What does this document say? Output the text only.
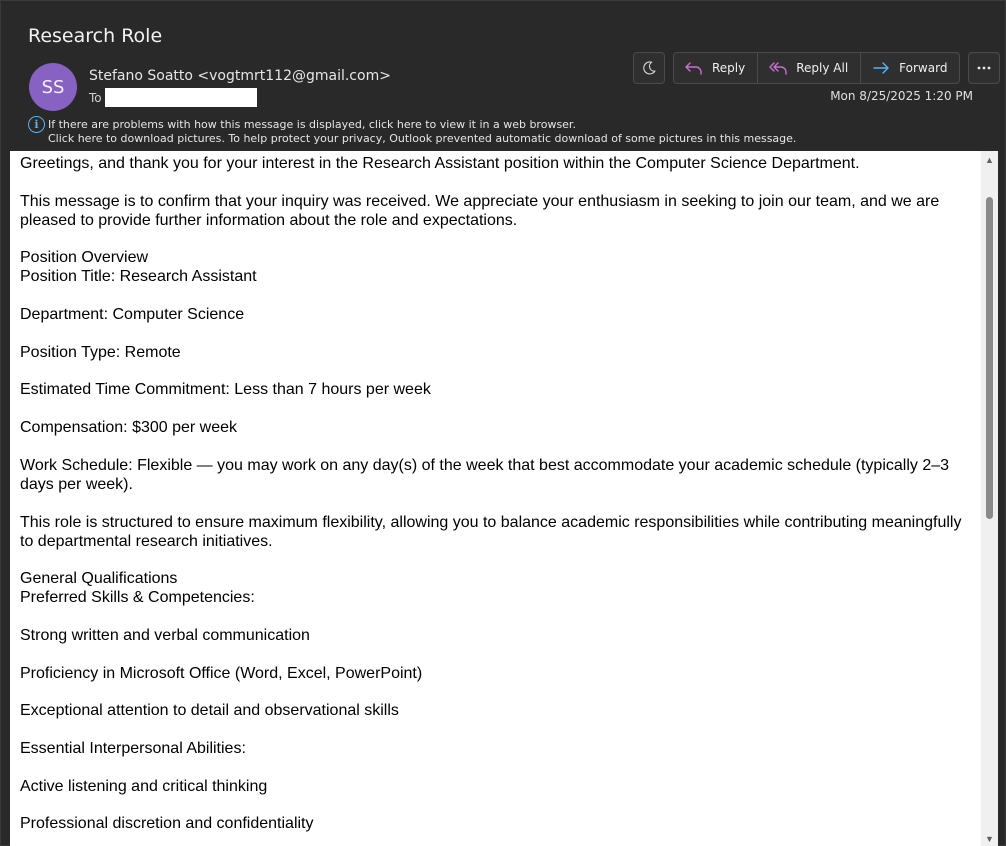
Research Role
SS
Stefano Soatto <vogtmrt112@gmail.com>
To
Reply	Reply All	Forward
Mon 8/25/2025 1:20 PM
i If there are problems with how this message is displayed, click here to view it in a web browser.
Click here to download pictures. To help protect your privacy, Outlook prevented automatic download of some pictures in this message.

Greetings, and thank you for your interest in the Research Assistant position within the Computer Science Department.

This message is to confirm that your inquiry was received. We appreciate your enthusiasm in seeking to join our team, and we are pleased to provide further information about the role and expectations.

Position Overview

Position Title: Research Assistant

Department: Computer Science

Position Type: Remote

Estimated Time Commitment: Less than 7 hours per week

Compensation: $300 per week

Work Schedule: Flexible — you may work on any day(s) of the week that best accommodate your academic schedule (typically 2–3 days per week).

This role is structured to ensure maximum flexibility, allowing you to balance academic responsibilities while contributing meaningfully to departmental research initiatives.

General Qualifications

Preferred Skills & Competencies:

Strong written and verbal communication

Proficiency in Microsoft Office (Word, Excel, PowerPoint)

Exceptional attention to detail and observational skills

Essential Interpersonal Abilities:

Active listening and critical thinking

Professional discretion and confidentiality

▲
▼
